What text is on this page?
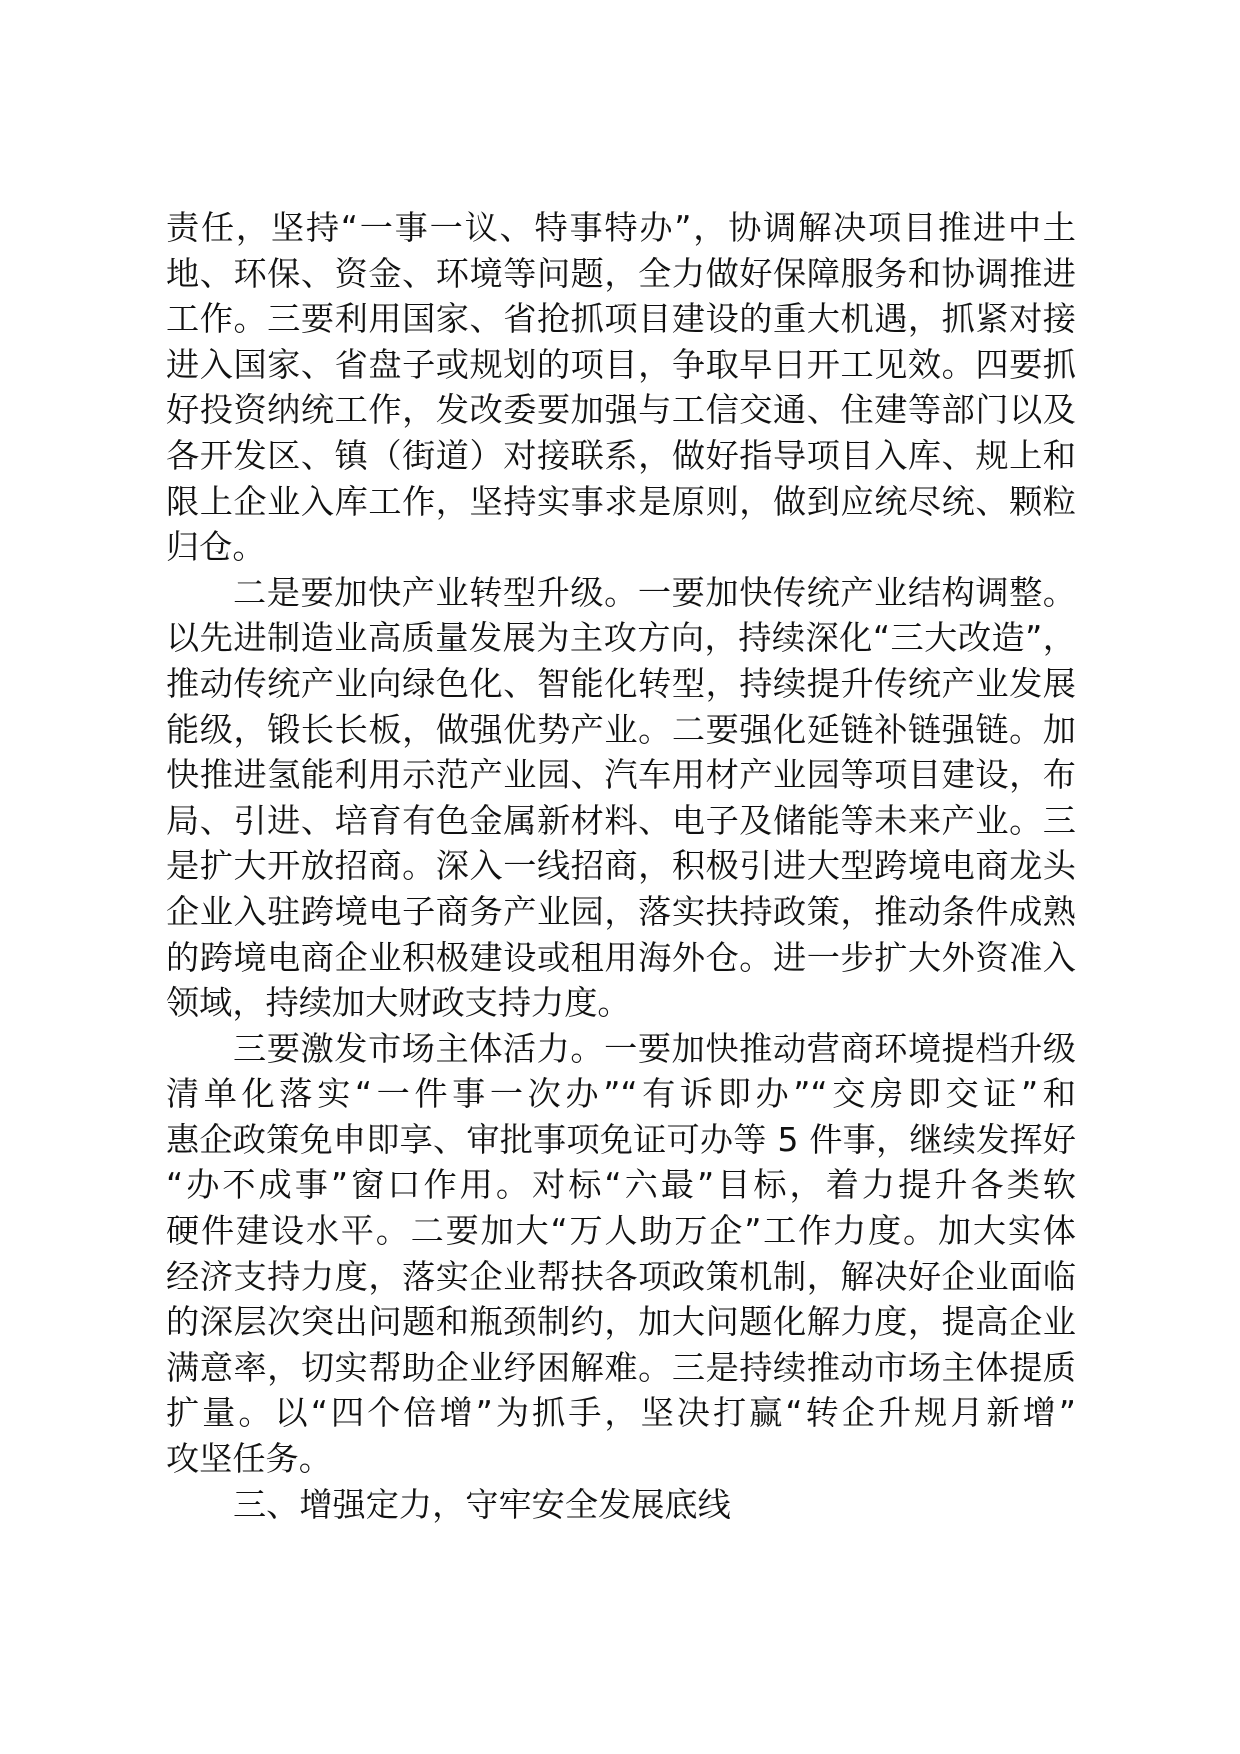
责任，坚持“一事一议、特事特办”，协调解决项目推进中土
地、环保、资金、环境等问题，全力做好保障服务和协调推进
工作。三要利用国家、省抢抓项目建设的重大机遇，抓紧对接
进入国家、省盘子或规划的项目，争取早日开工见效。四要抓
好投资纳统工作，发改委要加强与工信交通、住建等部门以及
各开发区、镇（街道）对接联系，做好指导项目入库、规上和
限上企业入库工作，坚持实事求是原则，做到应统尽统、颗粒
归仓。
二是要加快产业转型升级。一要加快传统产业结构调整。
以先进制造业高质量发展为主攻方向，持续深化“三大改造”，
推动传统产业向绿色化、智能化转型，持续提升传统产业发展
能级，锻长长板，做强优势产业。二要强化延链补链强链。加
快推进氢能利用示范产业园、汽车用材产业园等项目建设，布
局、引进、培育有色金属新材料、电子及储能等未来产业。三
是扩大开放招商。深入一线招商，积极引进大型跨境电商龙头
企业入驻跨境电子商务产业园，落实扶持政策，推动条件成熟
的跨境电商企业积极建设或租用海外仓。进一步扩大外资准入
领域，持续加大财政支持力度。
三要激发市场主体活力。一要加快推动营商环境提档升级
清单化落实“一件事一次办”“有诉即办”“交房即交证”和
惠企政策免申即享、审批事项免证可办等 5 件事，继续发挥好
“办不成事”窗口作用。对标“六最”目标，着力提升各类软
硬件建设水平。二要加大“万人助万企”工作力度。加大实体
经济支持力度，落实企业帮扶各项政策机制，解决好企业面临
的深层次突出问题和瓶颈制约，加大问题化解力度，提高企业
满意率，切实帮助企业纾困解难。三是持续推动市场主体提质
扩量。以“四个倍增”为抓手，坚决打赢“转企升规月新增”
攻坚任务。
三、增强定力，守牢安全发展底线
